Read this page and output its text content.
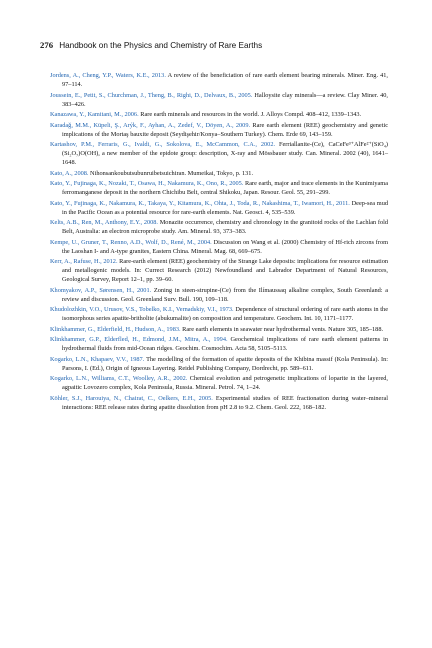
276 Handbook on the Physics and Chemistry of Rare Earths

Jordens, A., Cheng, Y.P., Waters, K.E., 2013. A review of the beneficiation of rare earth element bearing minerals. Miner. Eng. 41, 97–114.

Joussein, E., Petit, S., Churchman, J., Theng, B., Righi, D., Delvaux, B., 2005. Halloysite clay minerals—a review. Clay Miner. 40, 383–426.

Kanazawa, Y., Kamitani, M., 2006. Rare earth minerals and resources in the world. J. Alloys Compd. 408–412, 1339–1343.

Karadağ, M.M., Küpeli, Ş., Arýk, F., Ayhan, A., Zedef, V., Döyen, A., 2009. Rare earth element (REE) geochemistry and genetic implications of the Mortaş bauxite deposit (Seydişehir/Konya–Southern Turkey). Chem. Erde 69, 143–159.

Kartashov, P.M., Ferraris, G., Ivaldi, G., Sokolova, E., McCammon, C.A., 2002. Ferriallanite-(Ce), CaCeFe³⁺AlFe²⁺(SiO₄)(Si₂O₇)O(OH), a new member of the epidote group: description, X-ray and Mössbauer study. Can. Mineral. 2002 (40), 1641–1648.

Kato, A., 2008. Nihonsankoubutsubunruibetsuichiran. Mumeikai, Tokyo, p. 131.

Kato, Y., Fujinaga, K., Nozaki, T., Osawa, H., Nakamura, K., Ono, R., 2005. Rare earth, major and trace elements in the Kunimiyama ferromanganese deposit in the northern Chichibu Belt, central Shikoku, Japan. Resour. Geol. 55, 291–299.

Kato, Y., Fujinaga, K., Nakamura, K., Takaya, Y., Kitamura, K., Ohta, J., Toda, R., Nakashima, T., Iwamori, H., 2011. Deep-sea mud in the Pacific Ocean as a potential resource for rare-earth elements. Nat. Geosci. 4, 535–539.

Kelts, A.B., Ren, M., Anthony, E.Y., 2008. Monazite occurrence, chemistry and chronology in the granitoid rocks of the Lachlan fold Belt, Australia: an electron microprobe study. Am. Mineral. 93, 373–383.

Kempe, U., Gruner, T., Renno, A.D., Wolf, D., René, M., 2004. Discussion on Wang et al. (2000) Chemistry of Hf-rich zircons from the Laoshan I- and A-type granites, Eastern China. Mineral. Mag. 68, 669–675.

Kerr, A., Rafuse, H., 2012. Rare-earth element (REE) geochemistry of the Strange Lake deposits: implications for resource estimation and metallogenic models. In: Currect Research (2012) Newfoundland and Labrador Department of Natural Resources, Geological Survey, Report 12–1, pp. 39–60.

Khomyakov, A.P., Sørensen, H., 2001. Zoning in steen-strupine-(Ce) from the Ilímaussaq alkaline complex, South Greenland: a review and discussion. Geol. Greenland Surv. Bull. 190, 109–118.

Khudolozhkin, V.O., Urusov, V.S., Tobelko, K.I., Vernadskiy, V.I., 1973. Dependence of structural ordering of rare earth atoms in the isomorphous series apatite-britholite (abukumalite) on composition and temperature. Geochem. Int. 10, 1171–1177.

Klinkhammer, G., Elderfield, H., Hudson, A., 1983. Rare earth elements in seawater near hydrothermal vents. Nature 305, 185–188.

Klinkhammer, G.P., Elderfled, H., Edmond, J.M., Mitra, A., 1994. Geochemical implications of rare earth element patterns in hydrothermal fluids from mid-Ocean ridges. Geochim. Cosmochim. Acta 58, 5105–5113.

Kogarko, L.N., Khapaev, V.V., 1987. The modelling of the formation of apatite deposits of the Khibina massif (Kola Peninsula). In: Parsons, I. (Ed.), Origin of Igneous Layering. Reidel Publishing Company, Dordrecht, pp. 589–611.

Kogarko, L.N., Williams, C.T., Woolley, A.R., 2002. Chemical evolution and petrogenetic implications of loparite in the layered, agpaitic Lovozero complex, Kola Peninsula, Russia. Mineral. Petrol. 74, 1–24.

Köhler, S.J., Harouiya, N., Chairat, C., Oelkers, E.H., 2005. Experimental studies of REE fractionation during water–mineral interactions: REE release rates during apatite dissolution from pH 2.8 to 9.2. Chem. Geol. 222, 168–182.
